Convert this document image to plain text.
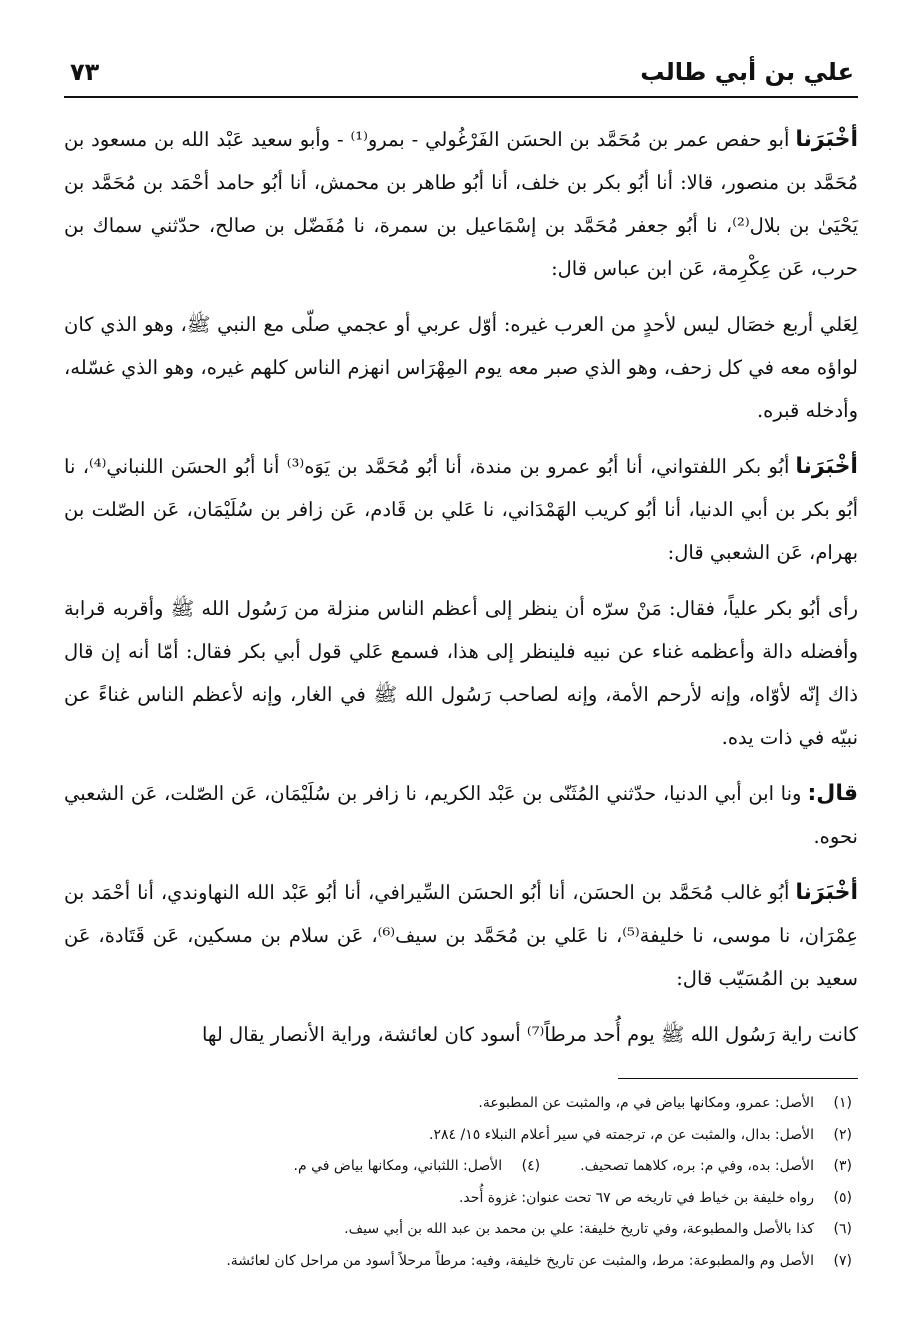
علي بن أبي طالب
٧٣

أخْبَرَناأبو حفص عمر بن مُحَمَّد بن الحسَن الفَرْغُولي - بمرو⁽¹⁾ - وأبو سعيد عَبْد الله بن مسعود بن مُحَمَّد بن منصور، قالا: أنا أبُو بكر بن خلف، أنا أبُو طاهر بن محمش، أنا أبُو حامد أحْمَد بن مُحَمَّد بن يَحْيَىٰ بن بلال⁽²⁾، نا أبُو جعفر مُحَمَّد بن إسْمَاعيل بن سمرة، نا مُفَضّل بن صالح، حدّثني سماك بن حرب، عَن عِكْرِمة، عَن ابن عباس قال:

لِعَلي أربع خصَال ليس لأحدٍ من العرب غيره: أوّل عربي أو عجمي صلّى مع النبي ﷺ، وهو الذي كان لواؤه معه في كل زحف، وهو الذي صبر معه يوم المِهْرَاس انهزم الناس كلهم غيره، وهو الذي غسّله، وأدخله قبره.

أخْبَرَناأبُو بكر اللفتواني، أنا أبُو عمرو بن مندة، أنا أبُو مُحَمَّد بن يَوَه⁽³⁾ أنا أبُو الحسَن اللنباني⁽⁴⁾، نا أبُو بكر بن أبي الدنيا، أنا أبُو كريب الهَمْدَاني، نا عَلي بن قَادم، عَن زافر بن سُلَيْمَان، عَن الصّلت بن بهرام، عَن الشعبي قال:

رأى أبُو بكر علياً، فقال: مَنْ سرّه أن ينظر إلى أعظم الناس منزلة من رَسُول الله ﷺ وأقربه قرابة وأفضله دالة وأعظمه غناء عن نبيه فلينظر إلى هذا، فسمع عَلي قول أبي بكر فقال: أمّا أنه إن قال ذاك إنّه لأوّاه، وإنه لأرحم الأمة، وإنه لصاحب رَسُول الله ﷺ في الغار، وإنه لأعظم الناس غناءً عن نبيّه في ذات يده.

قال:ونا ابن أبي الدنيا، حدّثني المُثَنّى بن عَبْد الكريم، نا زافر بن سُلَيْمَان، عَن الصّلت، عَن الشعبي نحوه.

أخْبَرَناأبُو غالب مُحَمَّد بن الحسَن، أنا أبُو الحسَن السِّيرافي، أنا أبُو عَبْد الله النهاوندي، أنا أحْمَد بن عِمْرَان، نا موسى، نا خليفة⁽⁵⁾، نا عَلي بن مُحَمَّد بن سيف⁽⁶⁾، عَن سلام بن مسكين، عَن قَتَادة، عَن سعيد بن المُسَيّب قال:

كانت راية رَسُول الله ﷺ يوم أُحد مرطاً⁽⁷⁾ أسود كان لعائشة، وراية الأنصار يقال لها

(١)
الأصل: عمرو، ومكانها بياض في م، والمثبت عن المطبوعة.
(٢)
الأصل: بدال، والمثبت عن م، ترجمته في سير أعلام النبلاء ١٥/ ٢٨٤.
(٣)
الأصل: بده، وفي م: بره، كلاهما تصحيف.
(٤)
الأصل: اللثباني، ومكانها بياض في م.
(٥)
رواه خليفة بن خياط في تاريخه ص ٦٧ تحت عنوان: غزوة أُحد.
(٦)
كذا بالأصل والمطبوعة، وفي تاريخ خليفة: علي بن محمد بن عبد الله بن أبي سيف.
(٧)
الأصل وم والمطبوعة: مرط، والمثبت عن تاريخ خليفة، وفيه: مرطاً مرحلاً أسود من مراحل كان لعائشة.
